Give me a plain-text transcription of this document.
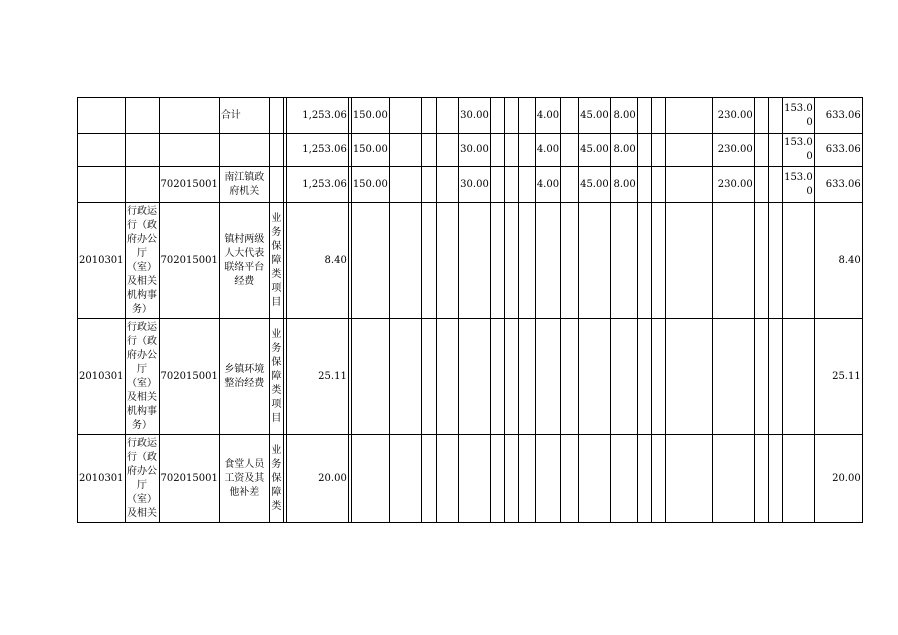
			合计			1,253.06		150.00				30.00				4.00		45.00	8.00				230.00			153.00	633.06
						1,253.06		150.00				30.00				4.00		45.00	8.00				230.00			153.00	633.06
		702015001	南江镇政府机关			1,253.06		150.00				30.00				4.00		45.00	8.00				230.00			153.00	633.06
2010301	行政运行（政府办公厅（室）及相关机构事务）	702015001	镇村两级人大代表联络平台经费	业务保障类项目		8.40																					8.40
2010301	行政运行（政府办公厅（室）及相关机构事务）	702015001	乡镇环境整治经费	业务保障类项目		25.11																					25.11
2010301	行政运行（政府办公厅（室）及相关	702015001	食堂人员工资及其他补差	业务保障类		20.00																					20.00
